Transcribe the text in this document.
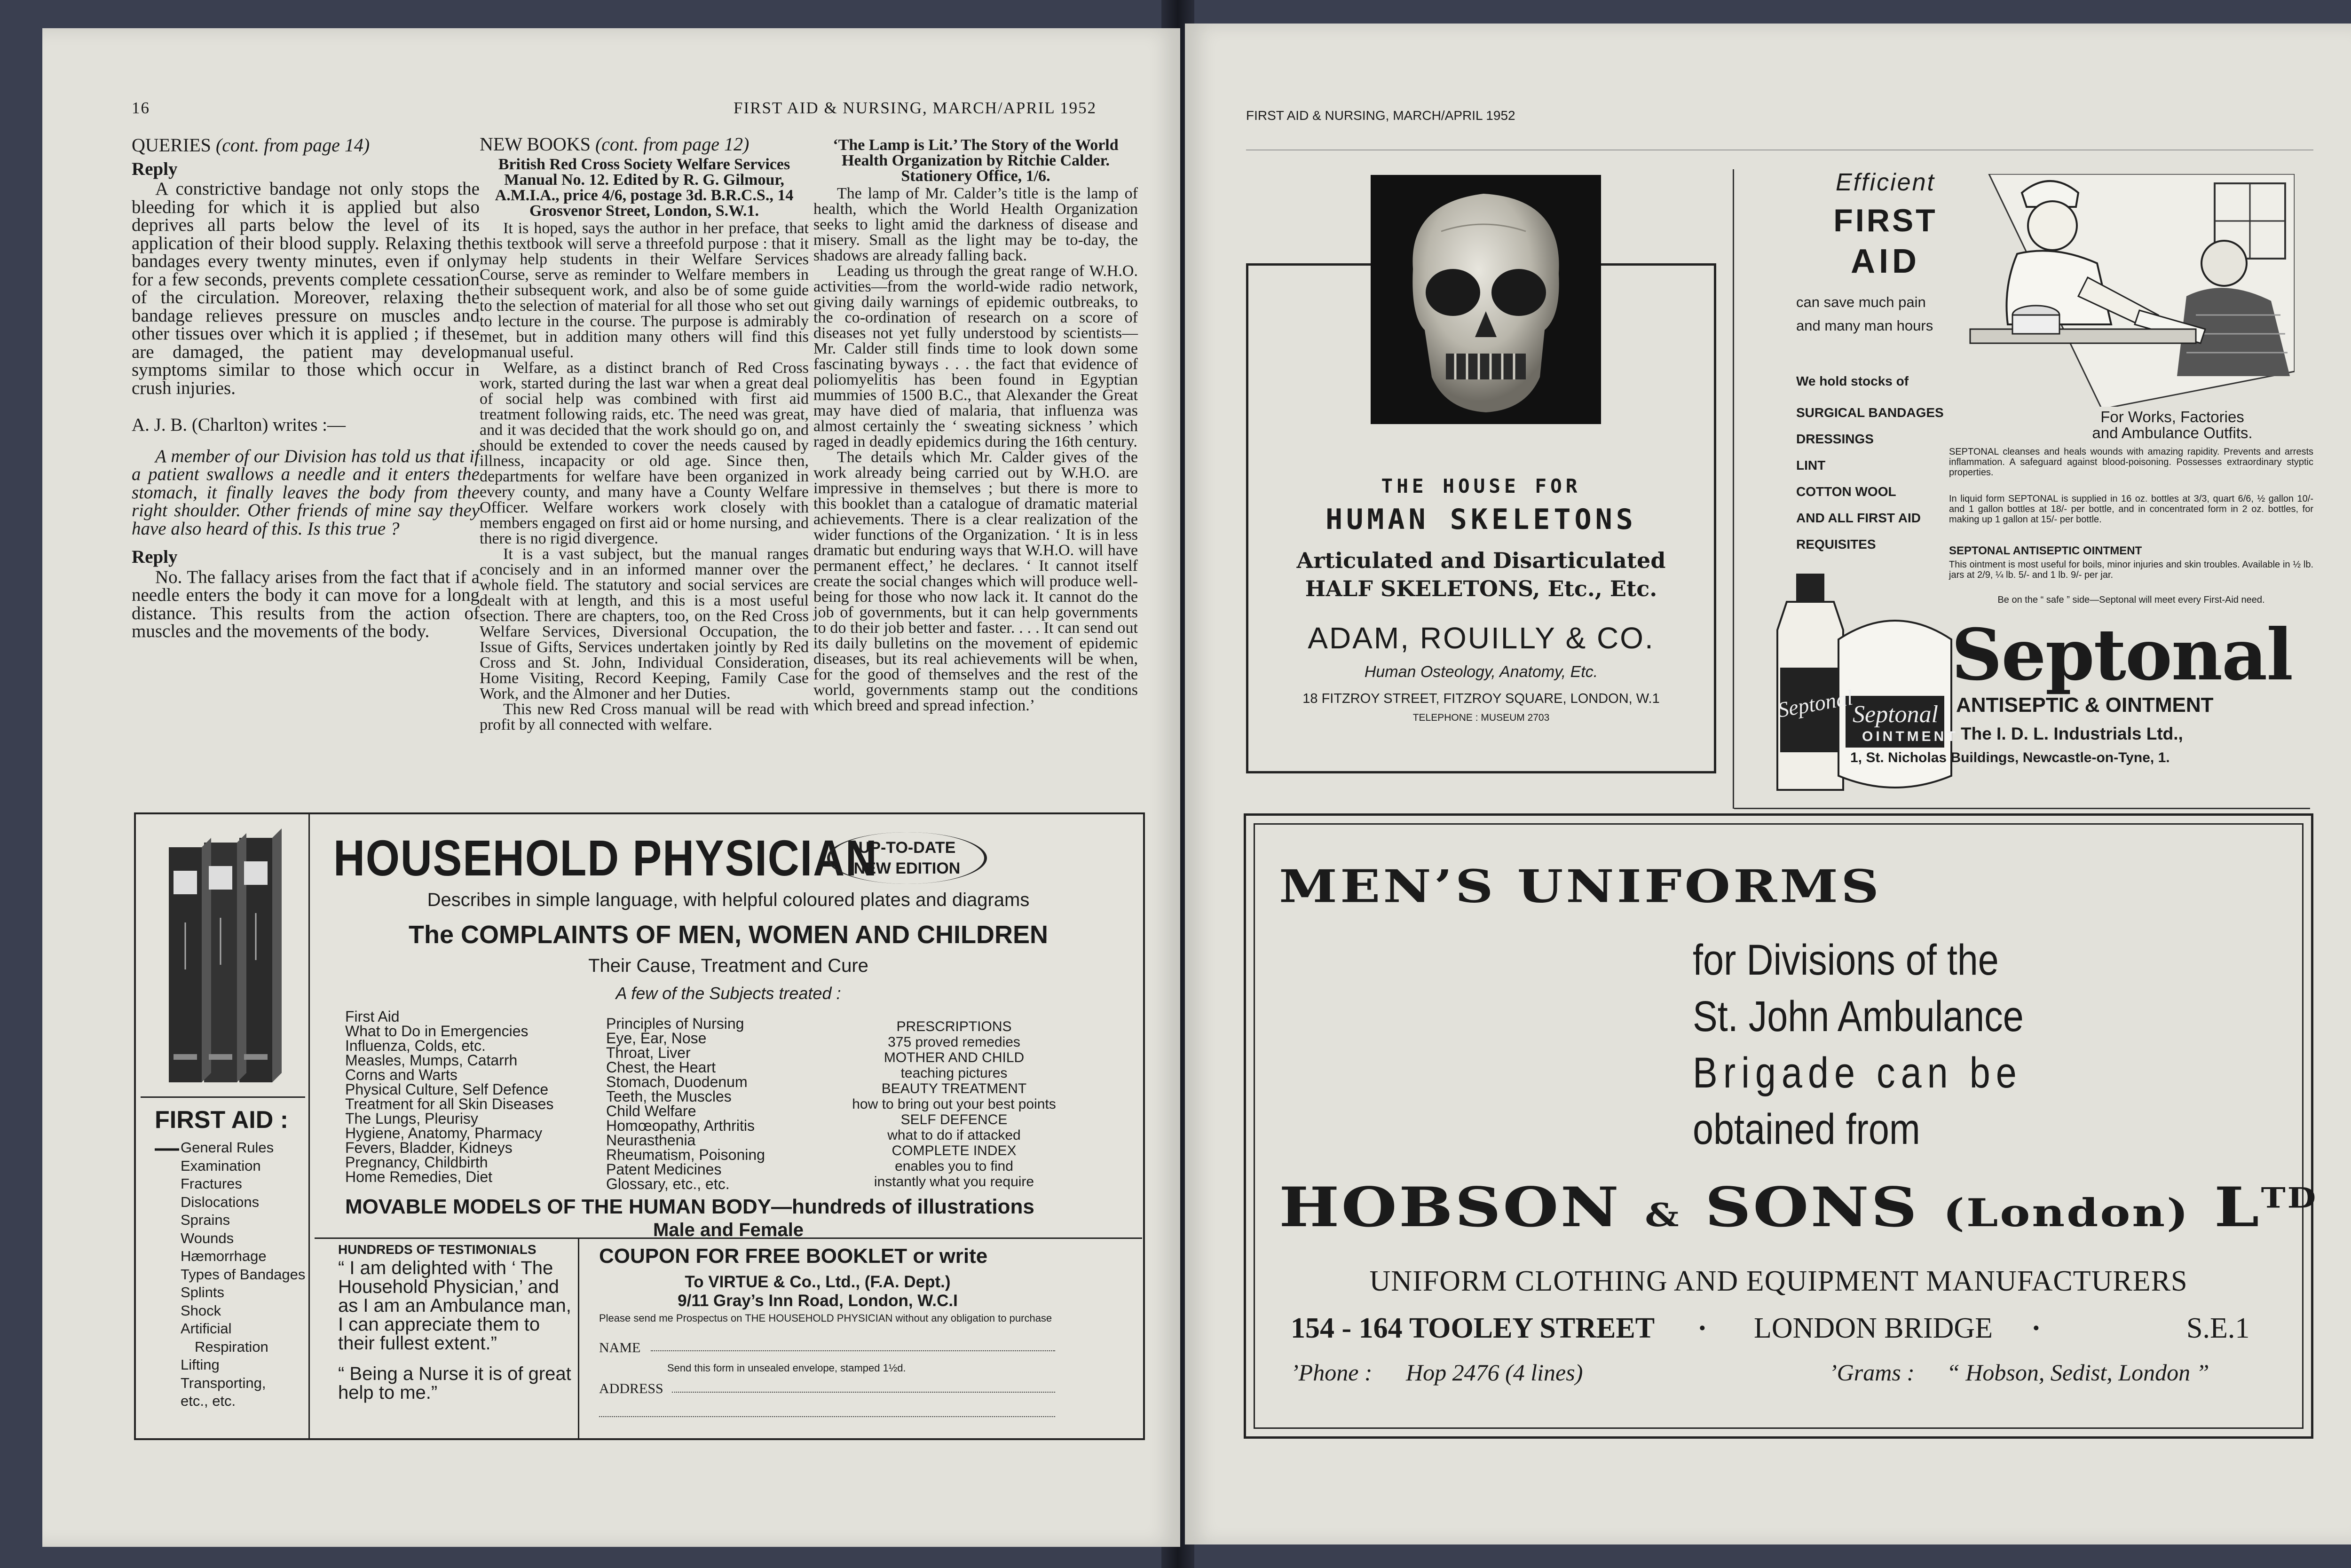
16	FIRST AID & NURSING, MARCH/APRIL 1952
QUERIES (cont. from page 14)

Reply

A constrictive bandage not only stops the bleeding for which it is applied but also deprives all parts below the level of its application of their blood supply. Relaxing the bandages every twenty minutes, even if only for a few seconds, prevents complete cessation of the circulation. Moreover, relaxing the bandage relieves pressure on muscles and other tissues over which it is applied ; if these are damaged, the patient may develop symptoms similar to those which occur in crush injuries.

A. J. B. (Charlton) writes :—

A member of our Division has told us that if a patient swallows a needle and it enters the stomach, it finally leaves the body from the right shoulder. Other friends of mine say they have also heard of this. Is this true ?

Reply

No. The fallacy arises from the fact that if a needle enters the body it can move for a long distance. This results from the action of muscles and the movements of the body.

NEW BOOKS (cont. from page 12)

British Red Cross Society Welfare Services Manual No. 12. Edited by R. G. Gilmour, A.M.I.A., price 4/6, postage 3d. B.R.C.S., 14 Grosvenor Street, London, S.W.1.

It is hoped, says the author in her preface, that this textbook will serve a threefold purpose : that it may help students in their Welfare Services Course, serve as reminder to Welfare members in their subsequent work, and also be of some guide to the selection of material for all those who set out to lecture in the course. The purpose is admirably met, but in addition many others will find this manual useful.

Welfare, as a distinct branch of Red Cross work, started during the last war when a great deal of social help was combined with first aid treatment following raids, etc. The need was great, and it was decided that the work should go on, and should be extended to cover the needs caused by illness, incapacity or old age. Since then, departments for welfare have been organized in every county, and many have a County Welfare Officer. Welfare workers work closely with members engaged on first aid or home nursing, and there is no rigid divergence.

It is a vast subject, but the manual ranges concisely and in an informed manner over the whole field. The statutory and social services are dealt with at length, and this is a most useful section. There are chapters, too, on the Red Cross Welfare Services, Diversional Occupation, the Issue of Gifts, Services undertaken jointly by Red Cross and St. John, Individual Consideration, Home Visiting, Record Keeping, Family Case Work, and the Almoner and her Duties.

This new Red Cross manual will be read with profit by all connected with welfare.

‘The Lamp is Lit.’ The Story of the World Health Organization by Ritchie Calder. Stationery Office, 1/6.

The lamp of Mr. Calder’s title is the lamp of health, which the World Health Organization seeks to light amid the darkness of disease and misery. Small as the light may be to-day, the shadows are already falling back.

Leading us through the great range of W.H.O. activities—from the world-wide radio network, giving daily warnings of epidemic outbreaks, to the co-ordination of research on a score of diseases not yet fully understood by scientists—Mr. Calder still finds time to look down some fascinating byways . . . the fact that evidence of poliomyelitis has been found in Egyptian mummies of 1500 B.C., that Alexander the Great may have died of malaria, that influenza was almost certainly the ‘ sweating sickness ’ which raged in deadly epidemics during the 16th century.

The details which Mr. Calder gives of the work already being carried out by W.H.O. are impressive in themselves ; but there is more to this booklet than a catalogue of dramatic material achievements. There is a clear realization of the wider functions of the Organization. ‘ It is in less dramatic but enduring ways that W.H.O. will have permanent effect,’ he declares. ‘ It cannot itself create the social changes which will produce well-being for those who now lack it. It cannot do the job of governments, but it can help governments to do their job better and faster. . . . It can send out its daily bulletins on the movement of epidemic diseases, but its real achievements will be when, for the good of themselves and the rest of the world, governments stamp out the conditions which breed and spread infection.’

FIRST AID :— General Rules
Examination
Fractures
Dislocations
Sprains
Wounds
Hæmorrhage
Types of Bandages
Splints
Shock
Artificial
Respiration
Lifting
Transporting,
etc., etc.
HOUSEHOLD PHYSICIAN
UP-TO-DATE
NEW EDITION
Describes in simple language, with helpful coloured plates and diagrams
The COMPLAINTS OF MEN, WOMEN AND CHILDREN
Their Cause, Treatment and Cure
A few of the Subjects treated :
First Aid
What to Do in Emergencies
Influenza, Colds, etc.
Measles, Mumps, Catarrh
Corns and Warts
Physical Culture, Self Defence
Treatment for all Skin Diseases
The Lungs, Pleurisy
Hygiene, Anatomy, Pharmacy
Fevers, Bladder, Kidneys
Pregnancy, Childbirth
Home Remedies, Diet
Principles of Nursing
Eye, Ear, Nose
Throat, Liver
Chest, the Heart
Stomach, Duodenum
Teeth, the Muscles
Child Welfare
Homœopathy, Arthritis
Neurasthenia
Rheumatism, Poisoning
Patent Medicines
Glossary, etc., etc.
PRESCRIPTIONS
375 proved remedies
MOTHER AND CHILD
teaching pictures
BEAUTY TREATMENT
how to bring out your best points
SELF DEFENCE
what to do if attacked
COMPLETE INDEX
enables you to find
instantly what you require
MOVABLE MODELS OF THE HUMAN BODY—hundreds of illustrations
Male and Female
HUNDREDS OF TESTIMONIALS
“ I am delighted with ‘ The Household Physician,’ and as I am an Ambulance man, I can appreciate them to their fullest extent.”
“ Being a Nurse it is of great help to me.”
COUPON FOR FREE BOOKLET or write
To VIRTUE & Co., Ltd., (F.A. Dept.)
9/11 Gray’s Inn Road, London, W.C.I
Please send me Prospectus on THE HOUSEHOLD PHYSICIAN without any obligation to purchase
NAME
Send this form in unsealed envelope, stamped 1½d.
ADDRESS
FIRST AID & NURSING, MARCH/APRIL 1952
THE HOUSE FOR
HUMAN SKELETONS
Articulated and Disarticulated
HALF SKELETONS, Etc., Etc.
ADAM, ROUILLY & CO.
Human Osteology, Anatomy, Etc.
18 FITZROY STREET, FITZROY SQUARE, LONDON, W.1
TELEPHONE : MUSEUM 2703
Efficient
FIRST
AID
can save much pain
and many man hours
We hold stocks of
SURGICAL BANDAGES
DRESSINGS
LINT
COTTON WOOL
AND ALL FIRST AID
REQUISITES
For Works, Factories
and Ambulance Outfits.
SEPTONAL cleanses and heals wounds with amazing rapidity. Prevents and arrests inflammation. A safeguard against blood-poisoning. Possesses extraordinary styptic properties.
In liquid form SEPTONAL is supplied in 16 oz. bottles at 3/3, quart 6/6, ½ gallon 10/- and 1 gallon bottles at 18/- per bottle, and in concentrated form in 2 oz. bottles, for making up 1 gallon at 15/- per bottle.
SEPTONAL ANTISEPTIC OINTMENT
This ointment is most useful for boils, minor injuries and skin troubles. Available in ½ lb. jars at 2/9, ¼ lb. 5/- and 1 lb. 9/- per jar.
Be on the “ safe ” side—Septonal will meet every First-Aid need.
Septonal
Septonal
OINTMENT
Septonal
ANTISEPTIC & OINTMENT
The I. D. L. Industrials Ltd.,
1, St. Nicholas Buildings, Newcastle-on-Tyne, 1.
MEN’S UNIFORMS
for Divisions of the
St. John Ambulance
Brigade can be
obtained from
HOBSON & SONS (London) $L^{TD}$
UNIFORM CLOTHING AND EQUIPMENT MANUFACTURERS
154 - 164 TOOLEY STREET · LONDON BRIDGE ·	S.E.1
’Phone : Hop 2476 (4 lines)	’Grams : “ Hobson, Sedist, London ”
